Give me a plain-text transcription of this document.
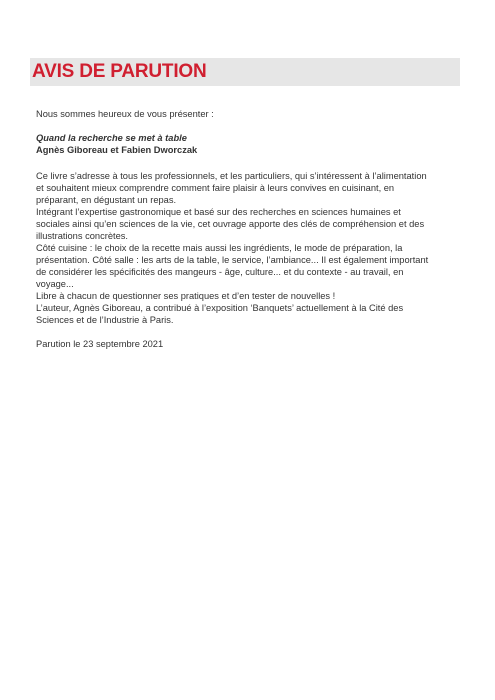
AVIS DE PARUTION

Nous sommes heureux de vous présenter :

Quand la recherche se met à table

Agnès Giboreau et Fabien Dworczak

Ce livre s’adresse à tous les professionnels, et les particuliers, qui s’intéressent à l’alimentation et souhaitent mieux comprendre comment faire plaisir à leurs convives en cuisinant, en préparant, en dégustant un repas.

Intégrant l’expertise gastronomique et basé sur des recherches en sciences humaines et sociales ainsi qu’en sciences de la vie, cet ouvrage apporte des clés de compréhension et des illustrations concrètes.

Côté cuisine : le choix de la recette mais aussi les ingrédients, le mode de préparation, la présentation. Côté salle : les arts de la table, le service, l’ambiance... Il est également important de considérer les spécificités des mangeurs - âge, culture... et du contexte - au travail, en voyage...

Libre à chacun de questionner ses pratiques et d’en tester de nouvelles !

L’auteur, Agnès Giboreau, a contribué à l’exposition ‘Banquets’ actuellement à la Cité des Sciences et de l’Industrie à Paris.

Parution le 23 septembre 2021
